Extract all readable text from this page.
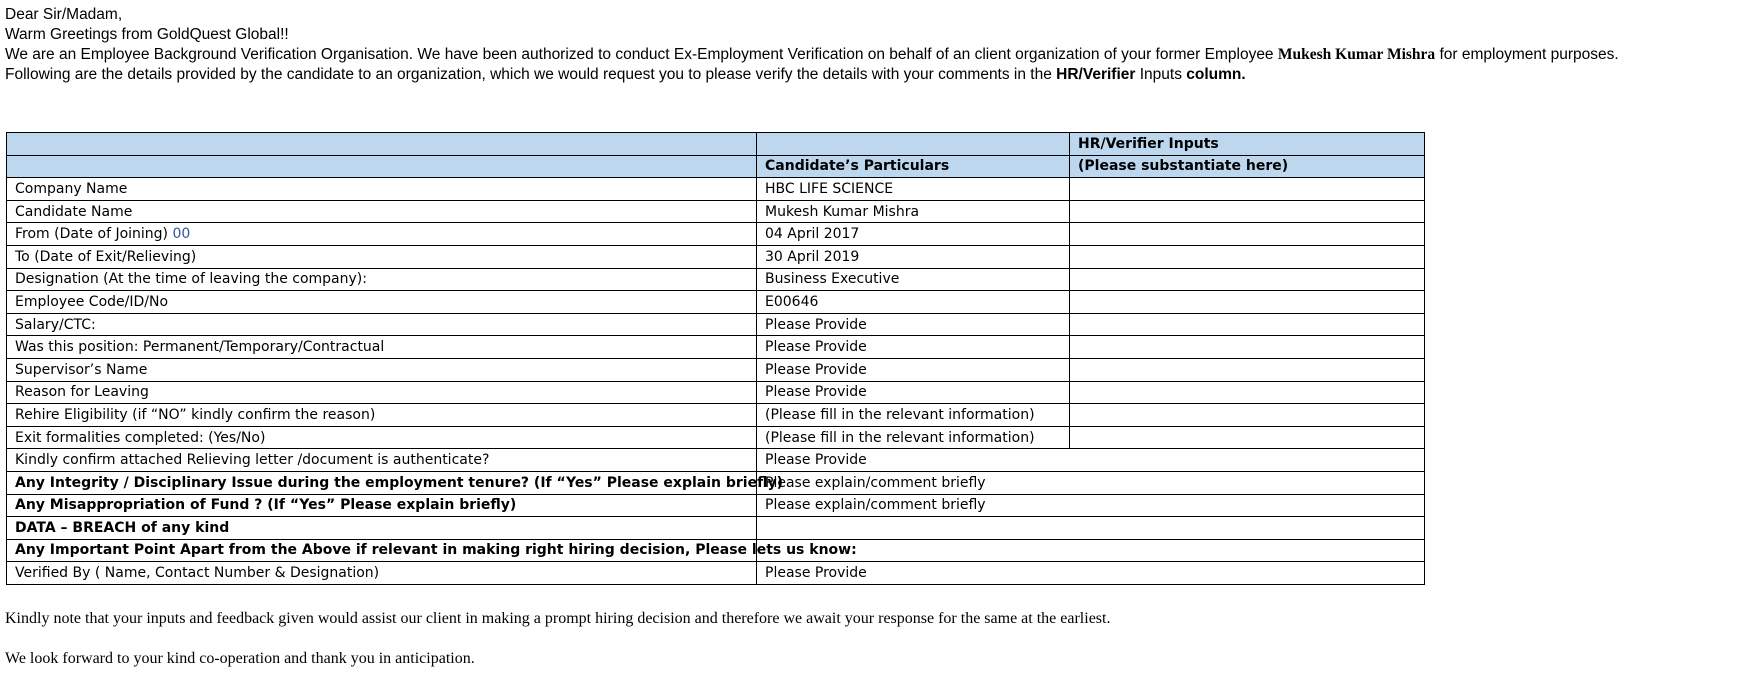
Dear Sir/Madam,

Warm Greetings from GoldQuest Global!!

We are an Employee Background Verification Organisation. We have been authorized to conduct Ex-Employment Verification on behalf of an client organization of your former Employee Mukesh Kumar Mishra for employment purposes.

Following are the details provided by the candidate to an organization, which we would request you to please verify the details with your comments in the HR/Verifier Inputs column.

		HR/Verifier Inputs
	Candidate’s Particulars	(Please substantiate here)
Company Name	HBC LIFE SCIENCE	
Candidate Name	Mukesh Kumar Mishra	
From (Date of Joining) 00	04 April 2017	
To (Date of Exit/Relieving)	30 April 2019	
Designation (At the time of leaving the company):	Business Executive	
Employee Code/ID/No	E00646	
Salary/CTC:	Please Provide	
Was this position: Permanent/Temporary/Contractual	Please Provide	
Supervisor’s Name	Please Provide	
Reason for Leaving	Please Provide	
Rehire Eligibility (if “NO” kindly confirm the reason)	(Please fill in the relevant information)	
Exit formalities completed: (Yes/No)	(Please fill in the relevant information)	
Kindly confirm attached Relieving letter /document is authenticate?	Please Provide	
Any Integrity / Disciplinary Issue during the employment tenure? (If “Yes” Please explain briefly)	Please explain/comment briefly	
Any Misappropriation of Fund ? (If “Yes” Please explain briefly)	Please explain/comment briefly	
DATA – BREACH of any kind		
Any Important Point Apart from the Above if relevant in making right hiring decision, Please lets us know:		
Verified By ( Name, Contact Number & Designation)	Please Provide	
Kindly note that your inputs and feedback given would assist our client in making a prompt hiring decision and therefore we await your response for the same at the earliest.
We look forward to your kind co-operation and thank you in anticipation.
